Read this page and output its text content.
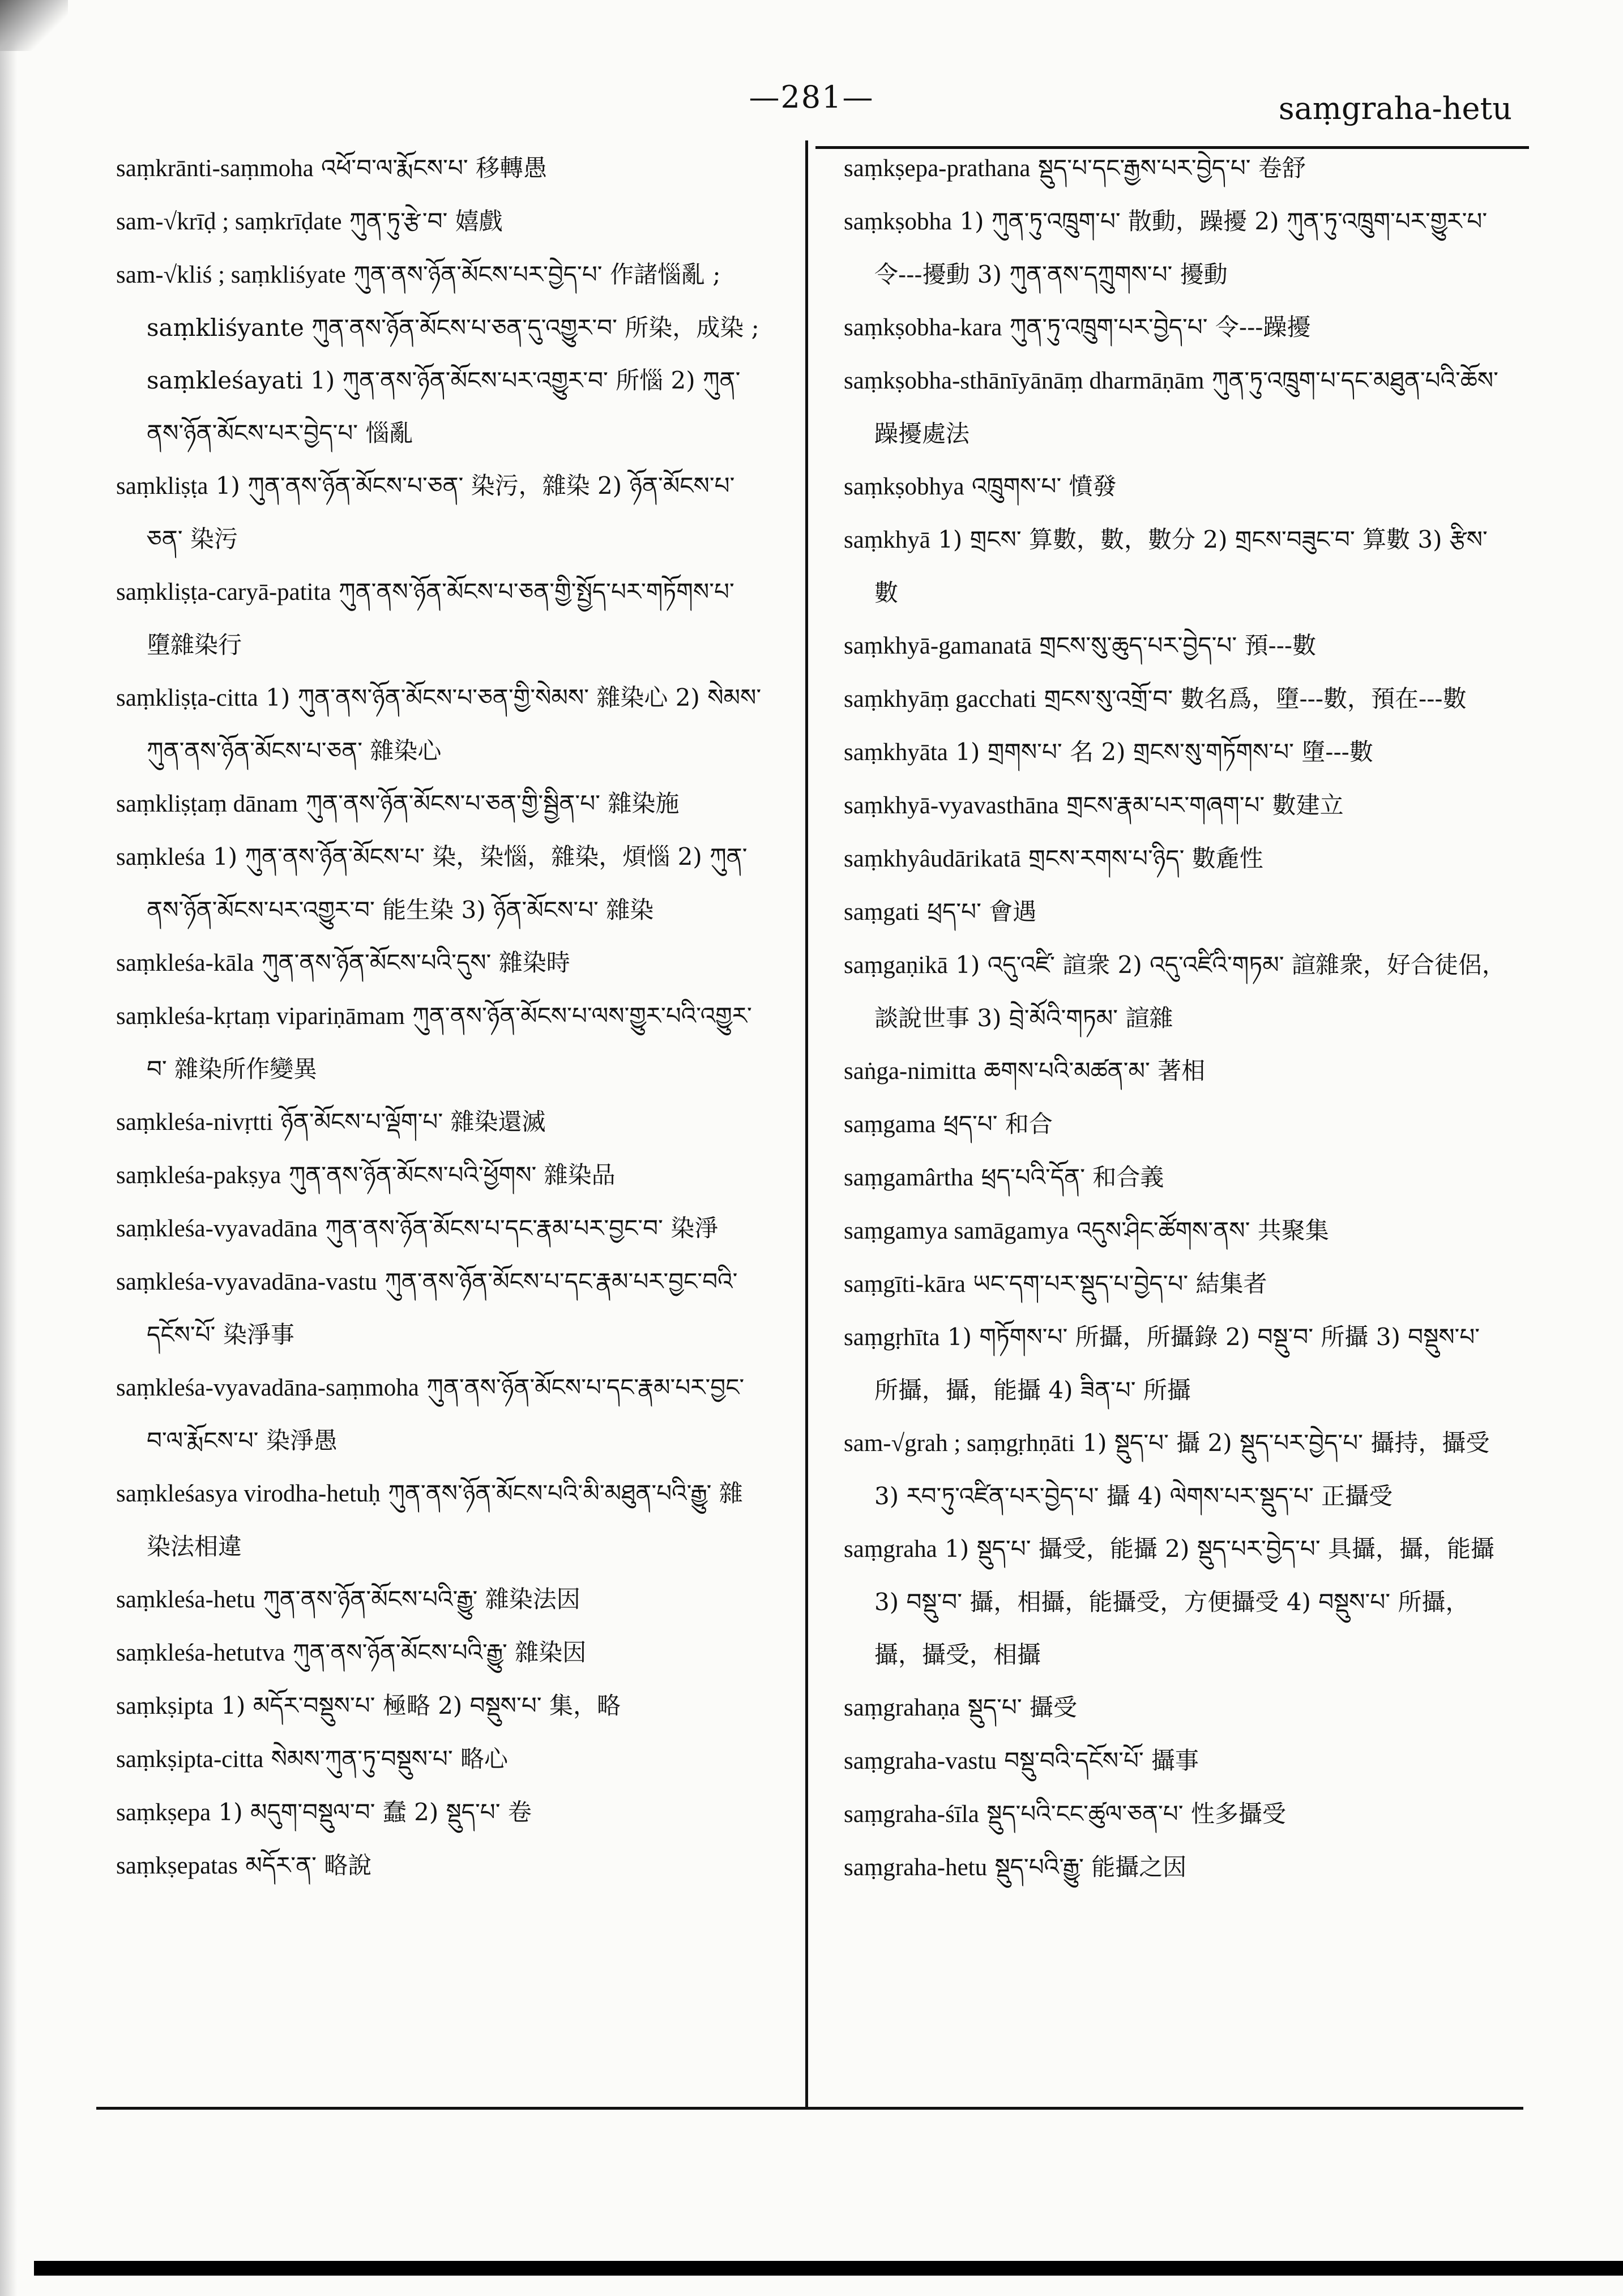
—281—	saṃgraha-hetu
saṃkrānti-saṃmoha འཕོ་བ་ལ་རྨོངས་པ་ 移轉愚
sam-√krīḍ ; saṃkrīḍate ཀུན་ཏུ་རྩེ་བ་ 嬉戲
sam-√kliś ; saṃkliśyate ཀུན་ནས་ཉོན་མོངས་པར་བྱེད་པ་ 作諸惱亂 ; saṃkliśyante ཀུན་ནས་ཉོན་མོངས་པ་ཅན་དུ་འགྱུར་བ་ 所染，成染 ; saṃkleśayati 1) ཀུན་ནས་ཉོན་མོངས་པར་འགྱུར་བ་ 所惱 2) ཀུན་ནས་ཉོན་མོངས་པར་བྱེད་པ་ 惱亂
saṃkliṣṭa 1) ཀུན་ནས་ཉོན་མོངས་པ་ཅན་ 染污，雜染 2) ཉོན་མོངས་པ་ཅན་ 染污
saṃkliṣṭa-caryā-patita ཀུན་ནས་ཉོན་མོངས་པ་ཅན་གྱི་སྤྱོད་པར་གཏོགས་པ་ 墮雜染行
saṃkliṣṭa-citta 1) ཀུན་ནས་ཉོན་མོངས་པ་ཅན་གྱི་སེམས་ 雜染心 2) སེམས་ཀུན་ནས་ཉོན་མོངས་པ་ཅན་ 雜染心
saṃkliṣṭaṃ dānam ཀུན་ནས་ཉོན་མོངས་པ་ཅན་གྱི་སྦྱིན་པ་ 雜染施
saṃkleśa 1) ཀུན་ནས་ཉོན་མོངས་པ་ 染，染惱，雜染，煩惱 2) ཀུན་ནས་ཉོན་མོངས་པར་འགྱུར་བ་ 能生染 3) ཉོན་མོངས་པ་ 雜染
saṃkleśa-kāla ཀུན་ནས་ཉོན་མོངས་པའི་དུས་ 雜染時
saṃkleśa-kṛtaṃ vipariṇāmam ཀུན་ནས་ཉོན་མོངས་པ་ལས་གྱུར་པའི་འགྱུར་བ་ 雜染所作變異
saṃkleśa-nivṛtti ཉོན་མོངས་པ་ལྡོག་པ་ 雜染還滅
saṃkleśa-pakṣya ཀུན་ནས་ཉོན་མོངས་པའི་ཕྱོགས་ 雜染品
saṃkleśa-vyavadāna ཀུན་ནས་ཉོན་མོངས་པ་དང་རྣམ་པར་བྱང་བ་ 染淨
saṃkleśa-vyavadāna-vastu ཀུན་ནས་ཉོན་མོངས་པ་དང་རྣམ་པར་བྱང་བའི་དངོས་པོ་ 染淨事
saṃkleśa-vyavadāna-saṃmoha ཀུན་ནས་ཉོན་མོངས་པ་དང་རྣམ་པར་བྱང་བ་ལ་རྨོངས་པ་ 染淨愚
saṃkleśasya virodha-hetuḥ ཀུན་ནས་ཉོན་མོངས་པའི་མི་མཐུན་པའི་རྒྱུ་ 雜染法相違
saṃkleśa-hetu ཀུན་ནས་ཉོན་མོངས་པའི་རྒྱུ་ 雜染法因
saṃkleśa-hetutva ཀུན་ནས་ཉོན་མོངས་པའི་རྒྱུ་ 雜染因
saṃkṣipta 1) མདོར་བསྡུས་པ་ 極略 2) བསྡུས་པ་ 集，略
saṃkṣipta-citta སེམས་ཀུན་ཏུ་བསྡུས་པ་ 略心
saṃkṣepa 1) མདུག་བསྡུལ་བ་ 蠢 2) སྡུད་པ་ 卷
saṃkṣepatas མདོར་ན་ 略說
saṃkṣepa-prathana སྡུད་པ་དང་རྒྱས་པར་བྱེད་པ་ 卷舒
saṃkṣobha 1) ཀུན་ཏུ་འཁྲུག་པ་ 散動，躁擾 2) ཀུན་ཏུ་འཁྲུག་པར་གྱུར་པ་ 令---擾動 3) ཀུན་ནས་དཀྲུགས་པ་ 擾動
saṃkṣobha-kara ཀུན་ཏུ་འཁྲུག་པར་བྱེད་པ་ 令---躁擾
saṃkṣobha-sthānīyānāṃ dharmāṇām ཀུན་ཏུ་འཁྲུག་པ་དང་མཐུན་པའི་ཆོས་ 躁擾處法
saṃkṣobhya འཁྲུགས་པ་ 憤發
saṃkhyā 1) གྲངས་ 算數，數，數分 2) གྲངས་བཟུང་བ་ 算數 3) རྩིས་ 數
saṃkhyā-gamanatā གྲངས་སུ་ཆུད་པར་བྱེད་པ་ 預---數
saṃkhyāṃ gacchati གྲངས་སུ་འགྲོ་བ་ 數名爲，墮---數，預在---數
saṃkhyāta 1) གྲགས་པ་ 名 2) གྲངས་སུ་གཏོགས་པ་ 墮---數
saṃkhyā-vyavasthāna གྲངས་རྣམ་པར་གཞག་པ་ 數建立
saṃkhyâudārikatā གྲངས་རགས་པ་ཉིད་ 數麁性
saṃgati ཕྲད་པ་ 會遇
saṃgaṇikā 1) འདུ་འཛི་ 諠衆 2) འདུ་འཛིའི་གཏམ་ 諠雜衆，好合徒侶，談說世事 3) བྲེ་མོའི་གཏམ་ 諠雜
saṅga-nimitta ཆགས་པའི་མཚན་མ་ 著相
saṃgama ཕྲད་པ་ 和合
saṃgamârtha ཕྲད་པའི་དོན་ 和合義
saṃgamya samāgamya འདུས་ཤིང་ཚོགས་ནས་ 共聚集
saṃgīti-kāra ཡང་དག་པར་སྡུད་པ་བྱེད་པ་ 結集者
saṃgṛhīta 1) གཏོགས་པ་ 所攝，所攝錄 2) བསྡུ་བ་ 所攝 3) བསྡུས་པ་ 所攝，攝，能攝 4) ཟིན་པ་ 所攝
sam-√grah ; saṃgṛhṇāti 1) སྡུད་པ་ 攝 2) སྡུད་པར་བྱེད་པ་ 攝持，攝受 3) རབ་ཏུ་འཛིན་པར་བྱེད་པ་ 攝 4) ལེགས་པར་སྡུད་པ་ 正攝受
saṃgraha 1) སྡུད་པ་ 攝受，能攝 2) སྡུད་པར་བྱེད་པ་ 具攝，攝，能攝 3) བསྡུ་བ་ 攝，相攝，能攝受，方便攝受 4) བསྡུས་པ་ 所攝，攝，攝受，相攝
saṃgrahaṇa སྡུད་པ་ 攝受
saṃgraha-vastu བསྡུ་བའི་དངོས་པོ་ 攝事
saṃgraha-śīla སྡུད་པའི་ངང་ཚུལ་ཅན་པ་ 性多攝受
saṃgraha-hetu སྡུད་པའི་རྒྱུ་ 能攝之因
